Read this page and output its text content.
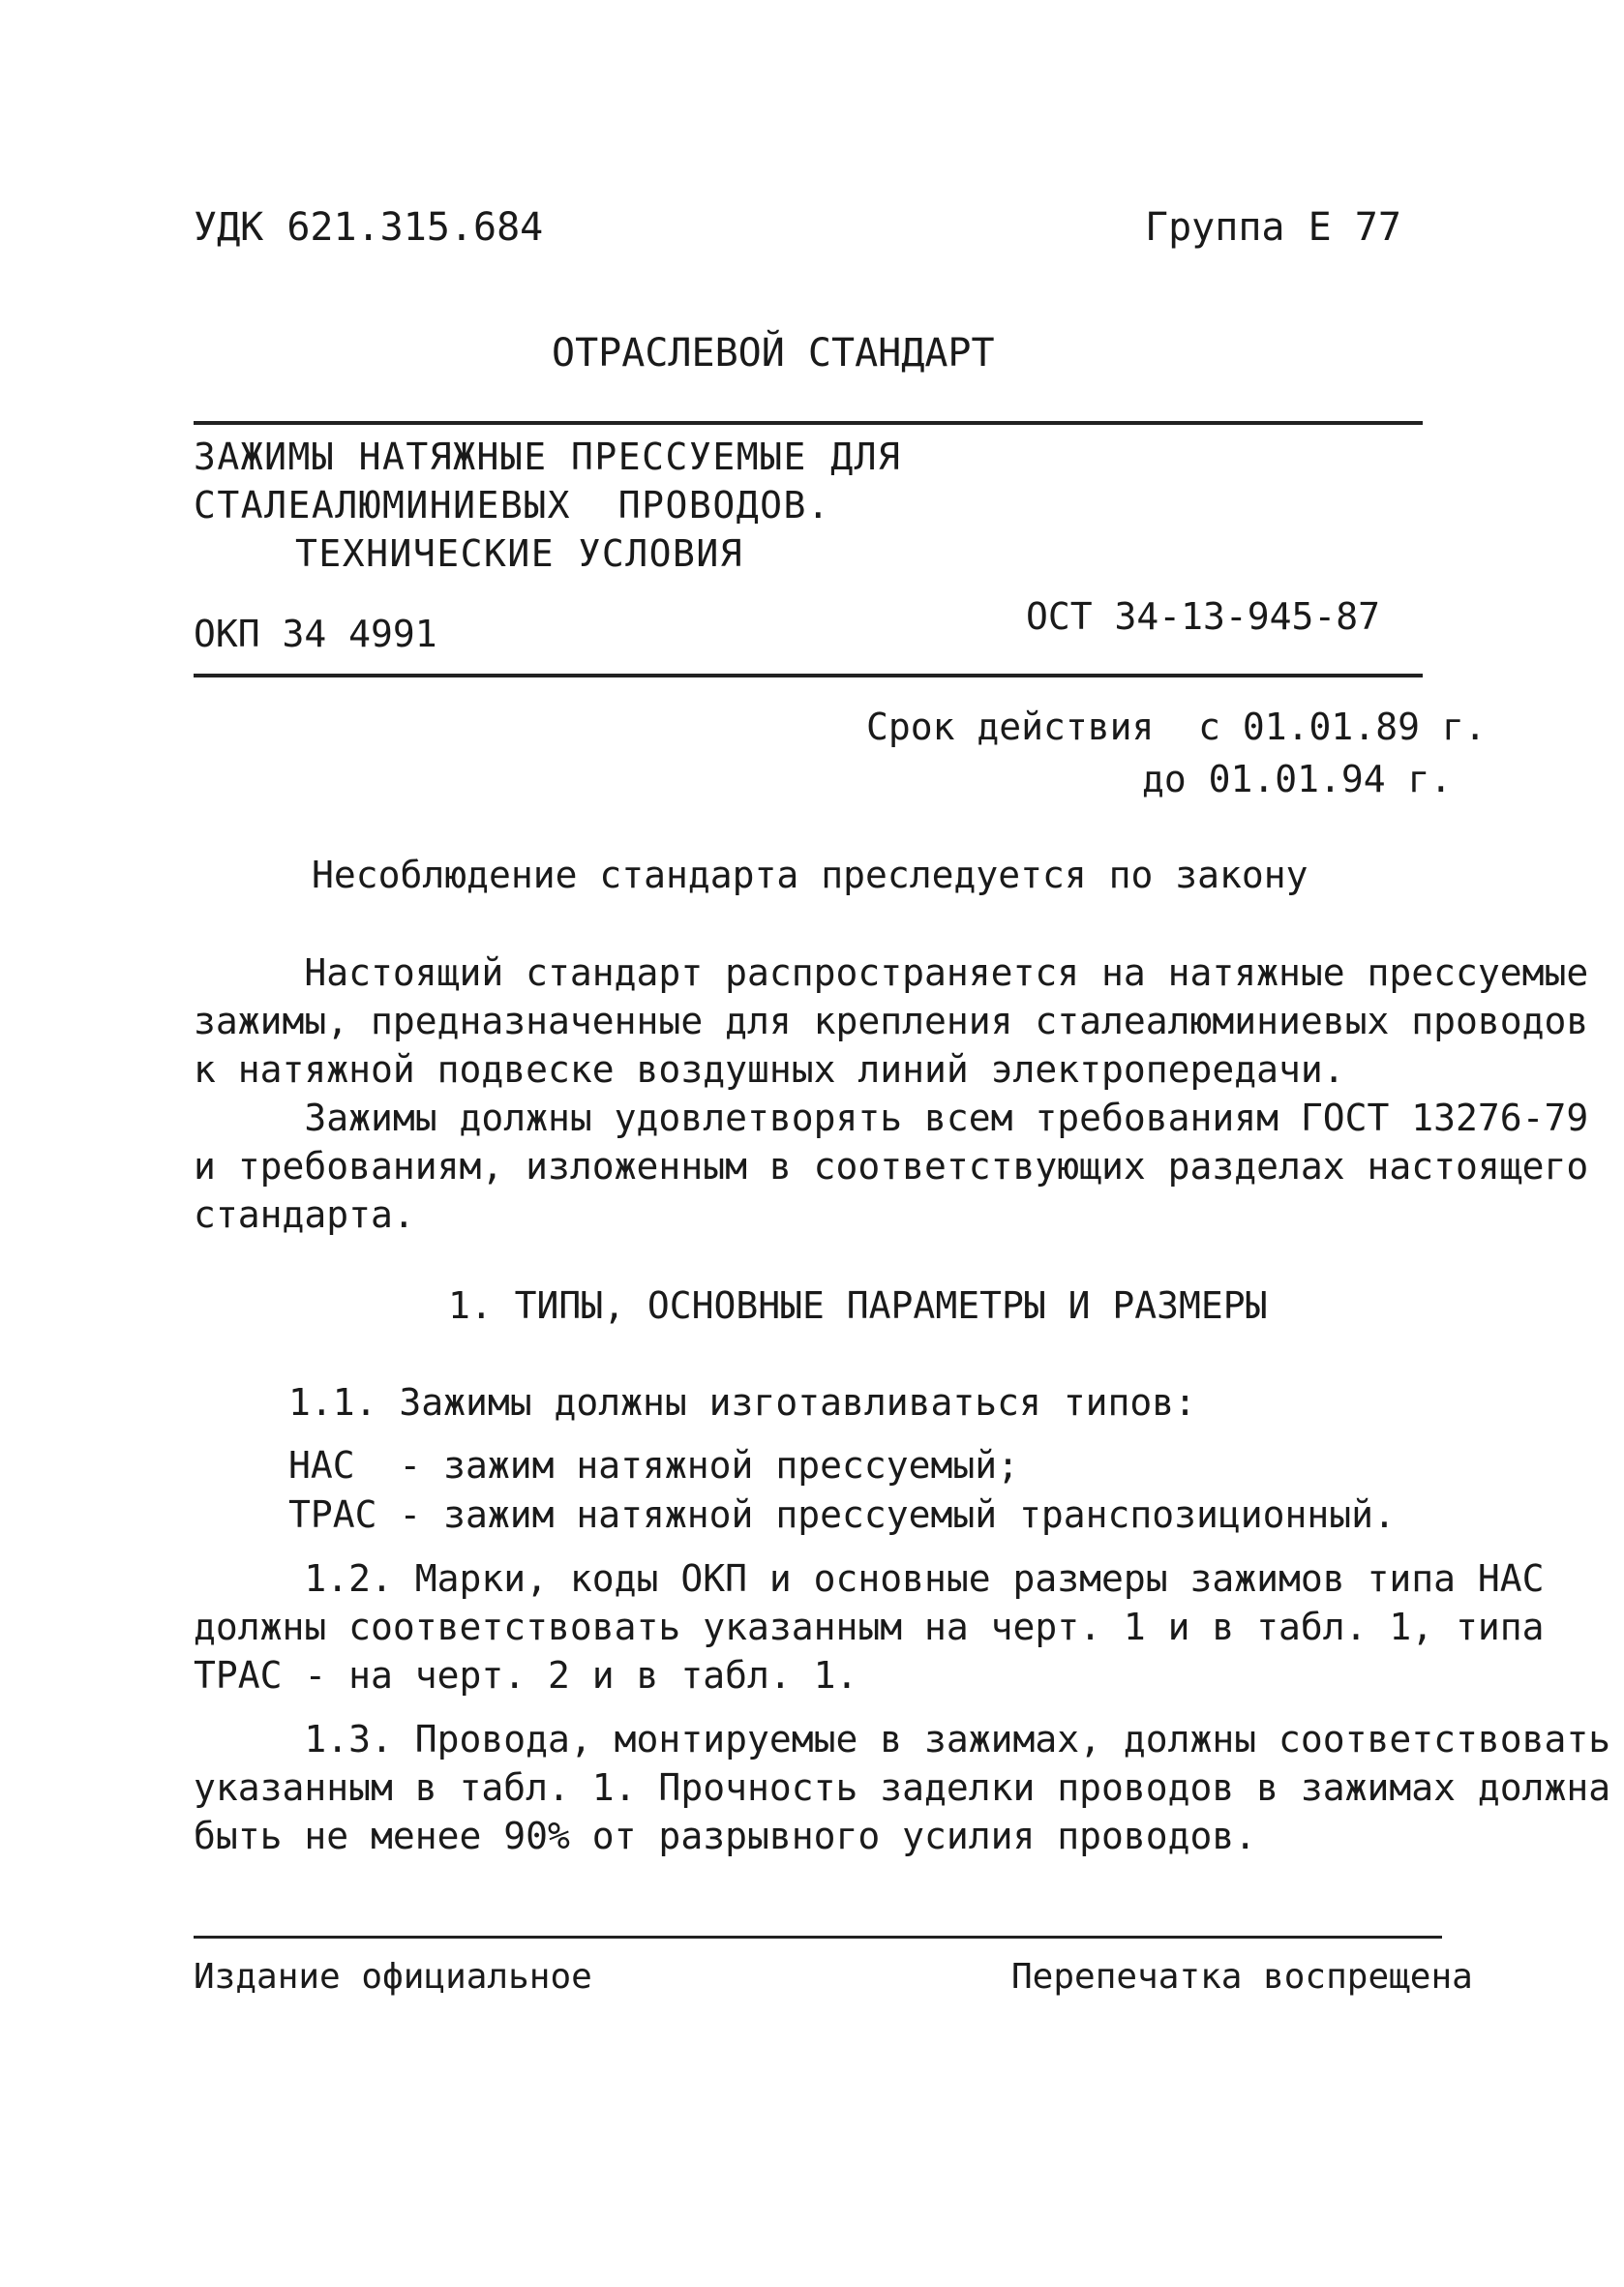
УДК 621.315.684	Группа Е 77
ОТРАСЛЕВОЙ СТАНДАРТ
ЗАЖИМЫ НАТЯЖНЫЕ ПРЕССУЕМЫЕ ДЛЯ
СТАЛЕАЛЮМИНИЕВЫХ  ПРОВОДОВ.
ТЕХНИЧЕСКИЕ УСЛОВИЯ
ОКП 34 4991	ОСТ 34-13-945-87
Срок действия  с 01.01.89 г.
до 01.01.94 г.
Несоблюдение стандарта преследуется по закону
Настоящий стандарт распространяется на натяжные прессуемые
зажимы, предназначенные для крепления сталеалюминиевых проводов
к натяжной подвеске воздушных линий электропередачи.
Зажимы должны удовлетворять всем требованиям ГОСТ 13276-79
и требованиям, изложенным в соответствующих разделах настоящего
стандарта.
1. ТИПЫ, ОСНОВНЫЕ ПАРАМЕТРЫ И РАЗМЕРЫ
1.1. Зажимы должны изготавливаться типов:
НАС  - зажим натяжной прессуемый;
ТРАС - зажим натяжной прессуемый транспозиционный.
1.2. Марки, коды ОКП и основные размеры зажимов типа НАС
должны соответствовать указанным на черт. 1 и в табл. 1, типа
ТРАС - на черт. 2 и в табл. 1.
1.3. Провода, монтируемые в зажимах, должны соответствовать
указанным в табл. 1. Прочность заделки проводов в зажимах должна
быть не менее 90% от разрывного усилия проводов.
Издание официальное	Перепечатка воспрещена
